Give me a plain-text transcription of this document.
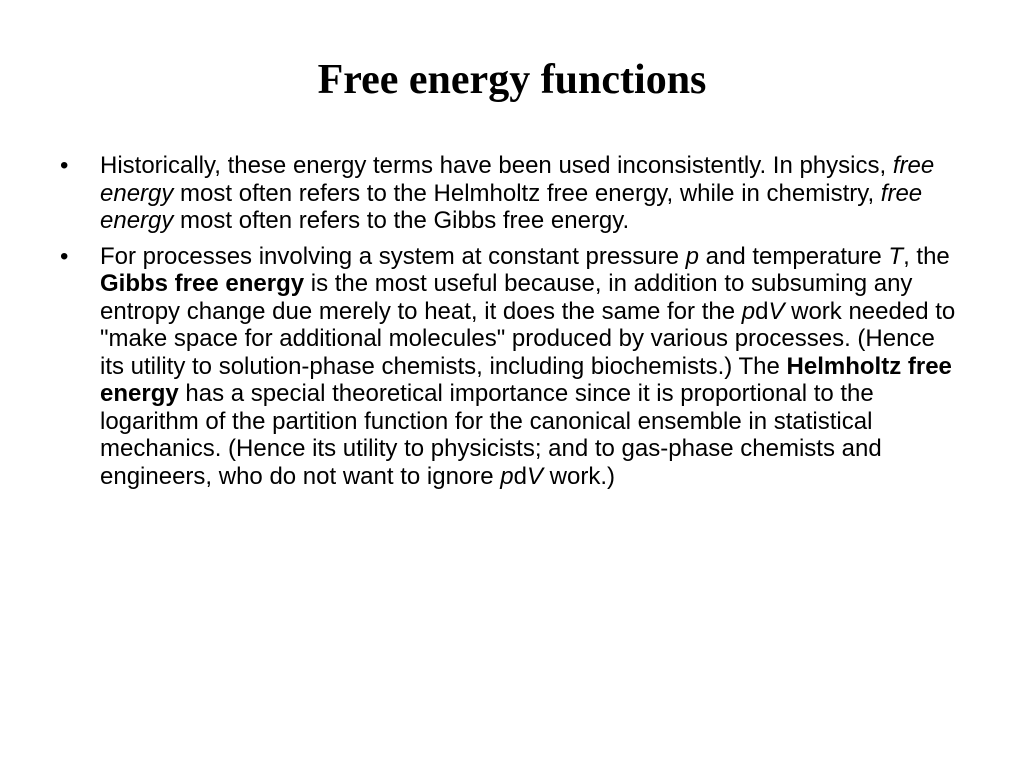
Free energy functions
•	Historically, these energy terms have been used inconsistently. In physics, free energy most often refers to the Helmholtz free energy, while in chemistry, free energy most often refers to the Gibbs free energy.
•	For processes involving a system at constant pressure p and temperature T, the Gibbs free energy is the most useful because, in addition to subsuming any entropy change due merely to heat, it does the same for the pdV work needed to "make space for additional molecules" produced by various processes. (Hence its utility to solution-phase chemists, including biochemists.) The Helmholtz free energy has a special theoretical importance since it is proportional to the logarithm of the partition function for the canonical ensemble in statistical mechanics. (Hence its utility to physicists; and to gas-phase chemists and engineers, who do not want to ignore pdV work.)
